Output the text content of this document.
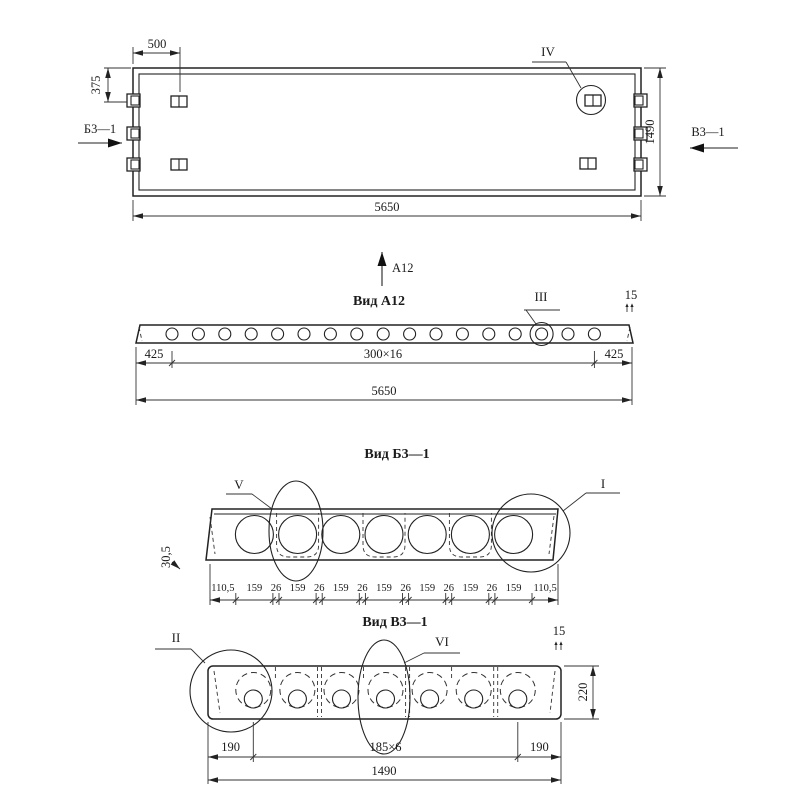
IV
500
375
Б3—1	В3—1
1490
5650
А12
Вид А12	III	15
425	300×16	425
5650
Вид Б3—1
V	I
30,5
110,5 159 26 159 26 159 26 159 26 159 26 159 26 159 110,5
Вид В3—1
II	VI
15
220
190	185×6	190
1490
